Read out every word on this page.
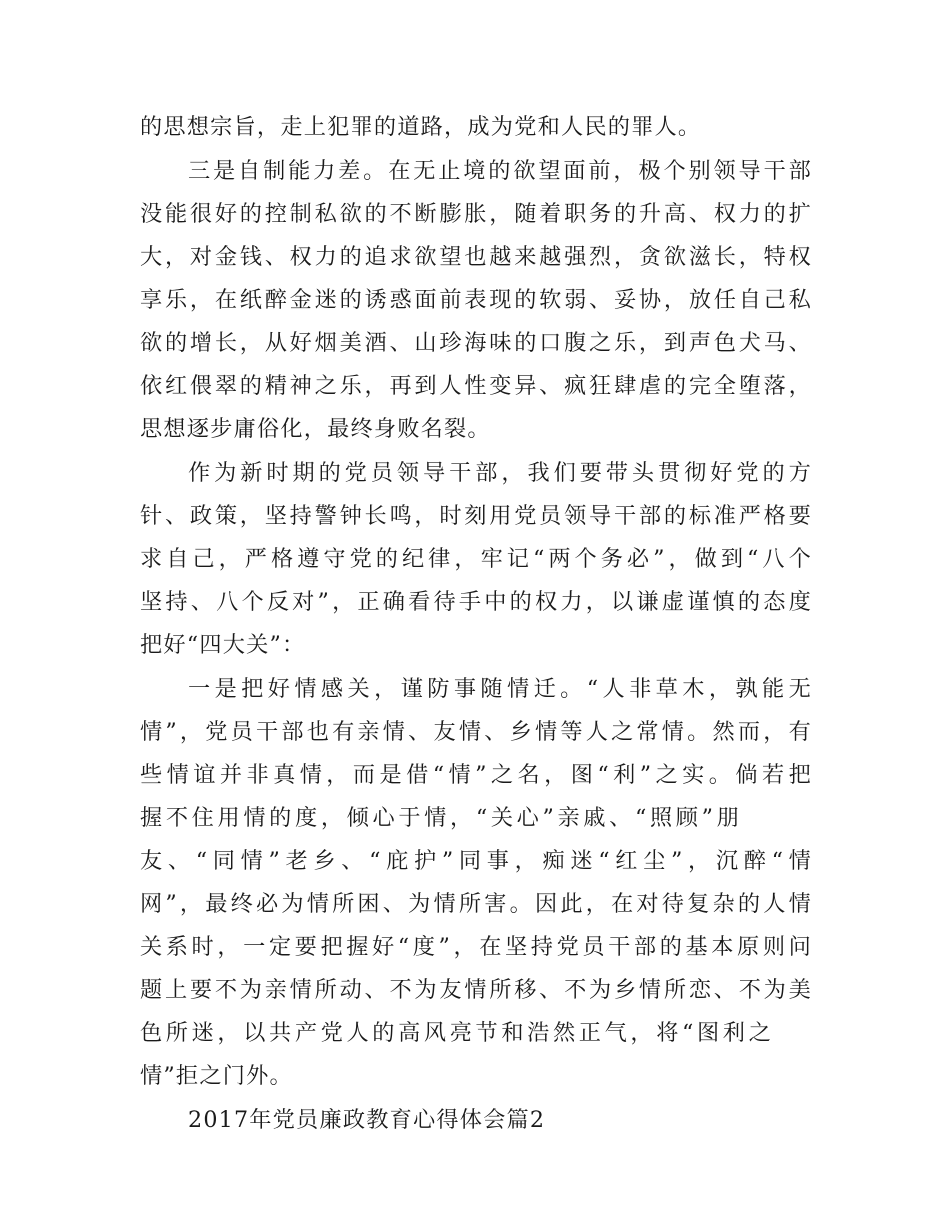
的思想宗旨，走上犯罪的道路，成为党和人民的罪人。

三是自制能力差。在无止境的欲望面前，极个别领导干部

没能很好的控制私欲的不断膨胀，随着职务的升高、权力的扩

大，对金钱、权力的追求欲望也越来越强烈，贪欲滋长，特权

享乐，在纸醉金迷的诱惑面前表现的软弱、妥协，放任自己私

欲的增长，从好烟美酒、山珍海味的口腹之乐，到声色犬马、

依红偎翠的精神之乐，再到人性变异、疯狂肆虐的完全堕落，

思想逐步庸俗化，最终身败名裂。

作为新时期的党员领导干部，我们要带头贯彻好党的方

针、政策，坚持警钟长鸣，时刻用党员领导干部的标准严格要

求自己，严格遵守党的纪律，牢记“两个务必”，做到“八个

坚持、八个反对”，正确看待手中的权力，以谦虚谨慎的态度

把好“四大关”：

一是把好情感关，谨防事随情迁。“人非草木，孰能无

情”，党员干部也有亲情、友情、乡情等人之常情。然而，有

些情谊并非真情，而是借“情”之名，图“利”之实。倘若把

握不住用情的度，倾心于情，“关心”亲戚、“照顾”朋

友、“同情”老乡、“庇护”同事，痴迷“红尘”，沉醉“情

网”，最终必为情所困、为情所害。因此，在对待复杂的人情

关系时，一定要把握好“度”，在坚持党员干部的基本原则问

题上要不为亲情所动、不为友情所移、不为乡情所恋、不为美

色所迷，以共产党人的高风亮节和浩然正气，将“图利之

情”拒之门外。

2017年党员廉政教育心得体会篇2
